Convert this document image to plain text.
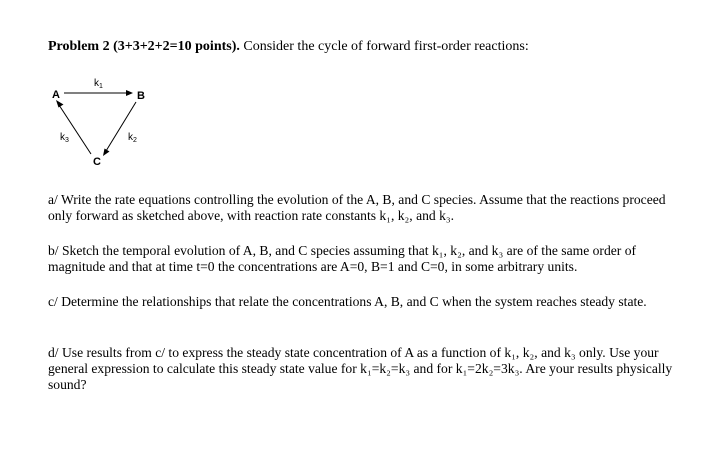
Problem 2 (3+3+2+2=10 points). Consider the cycle of forward first-order reactions:
A	B
C
$k_1$
$k_2$
$k_3$
a/ Write the rate equations controlling the evolution of the A, B, and C species. Assume that the reactions proceed only forward as sketched above, with reaction rate constants k₁, k₂, and k₃.
b/ Sketch the temporal evolution of A, B, and C species assuming that k₁, k₂, and k₃ are of the same order of magnitude and that at time t=0 the concentrations are A=0, B=1 and C=0, in some arbitrary units.
c/ Determine the relationships that relate the concentrations A, B, and C when the system reaches steady state.
d/ Use results from c/ to express the steady state concentration of A as a function of k₁, k₂, and k₃ only. Use your general expression to calculate this steady state value for k₁=k₂=k₃ and for k₁=2k₂=3k₃. Are your results physically sound?
